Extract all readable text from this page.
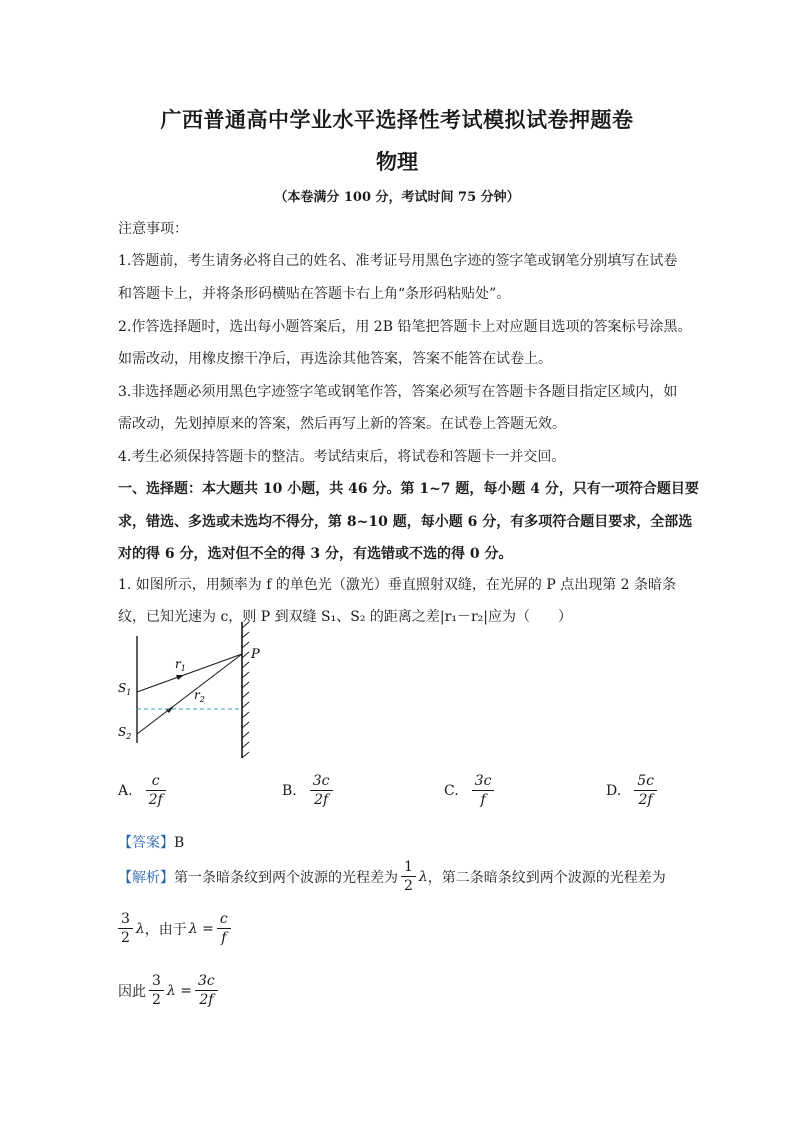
广西普通高中学业水平选择性考试模拟试卷押题卷
物理
（本卷满分 100 分，考试时间 75 分钟）
注意事项：
1.答题前，考生请务必将自己的姓名、准考证号用黑色字迹的签字笔或钢笔分别填写在试卷
和答题卡上，并将条形码横贴在答题卡右上角“条形码粘贴处”。
2.作答选择题时，选出每小题答案后，用 2B 铅笔把答题卡上对应题目选项的答案标号涂黑。
如需改动，用橡皮擦干净后，再选涂其他答案，答案不能答在试卷上。
3.非选择题必须用黑色字迹签字笔或钢笔作答，答案必须写在答题卡各题目指定区域内，如
需改动，先划掉原来的答案，然后再写上新的答案。在试卷上答题无效。
4.考生必须保持答题卡的整洁。考试结束后，将试卷和答题卡一并交回。
一、选择题：本大题共 10 小题，共 46 分。第 1~7 题，每小题 4 分，只有一项符合题目要
求，错选、多选或未选均不得分，第 8~10 题，每小题 6 分，有多项符合题目要求，全部选
对的得 6 分，选对但不全的得 3 分，有选错或不选的得 0 分。
1. 如图所示，用频率为 f 的单色光（激光）垂直照射双缝，在光屏的 P 点出现第 2 条暗条
纹，已知光速为 c，则 P 到双缝 S₁、S₂ 的距离之差|r₁－r₂|应为（　　）
$S_1$
$S_2$
$r_1$
$r_2$
P
A. $\frac{c}{2f}$	B. $\frac{3c}{2f}$	C. $\frac{3c}{f}$	D. $\frac{5c}{2f}$
【答案】B
【解析】 第一条暗条纹到两个波源的光程差为 $\frac{1}{2}$ λ ，第二条暗条纹到两个波源的光程差为
$\frac{3}{2}$ λ ，由于 $\lambda = \frac{c}{f}$
因此 $\frac{3}{2}$ $\lambda = \frac{3c}{2f}$
